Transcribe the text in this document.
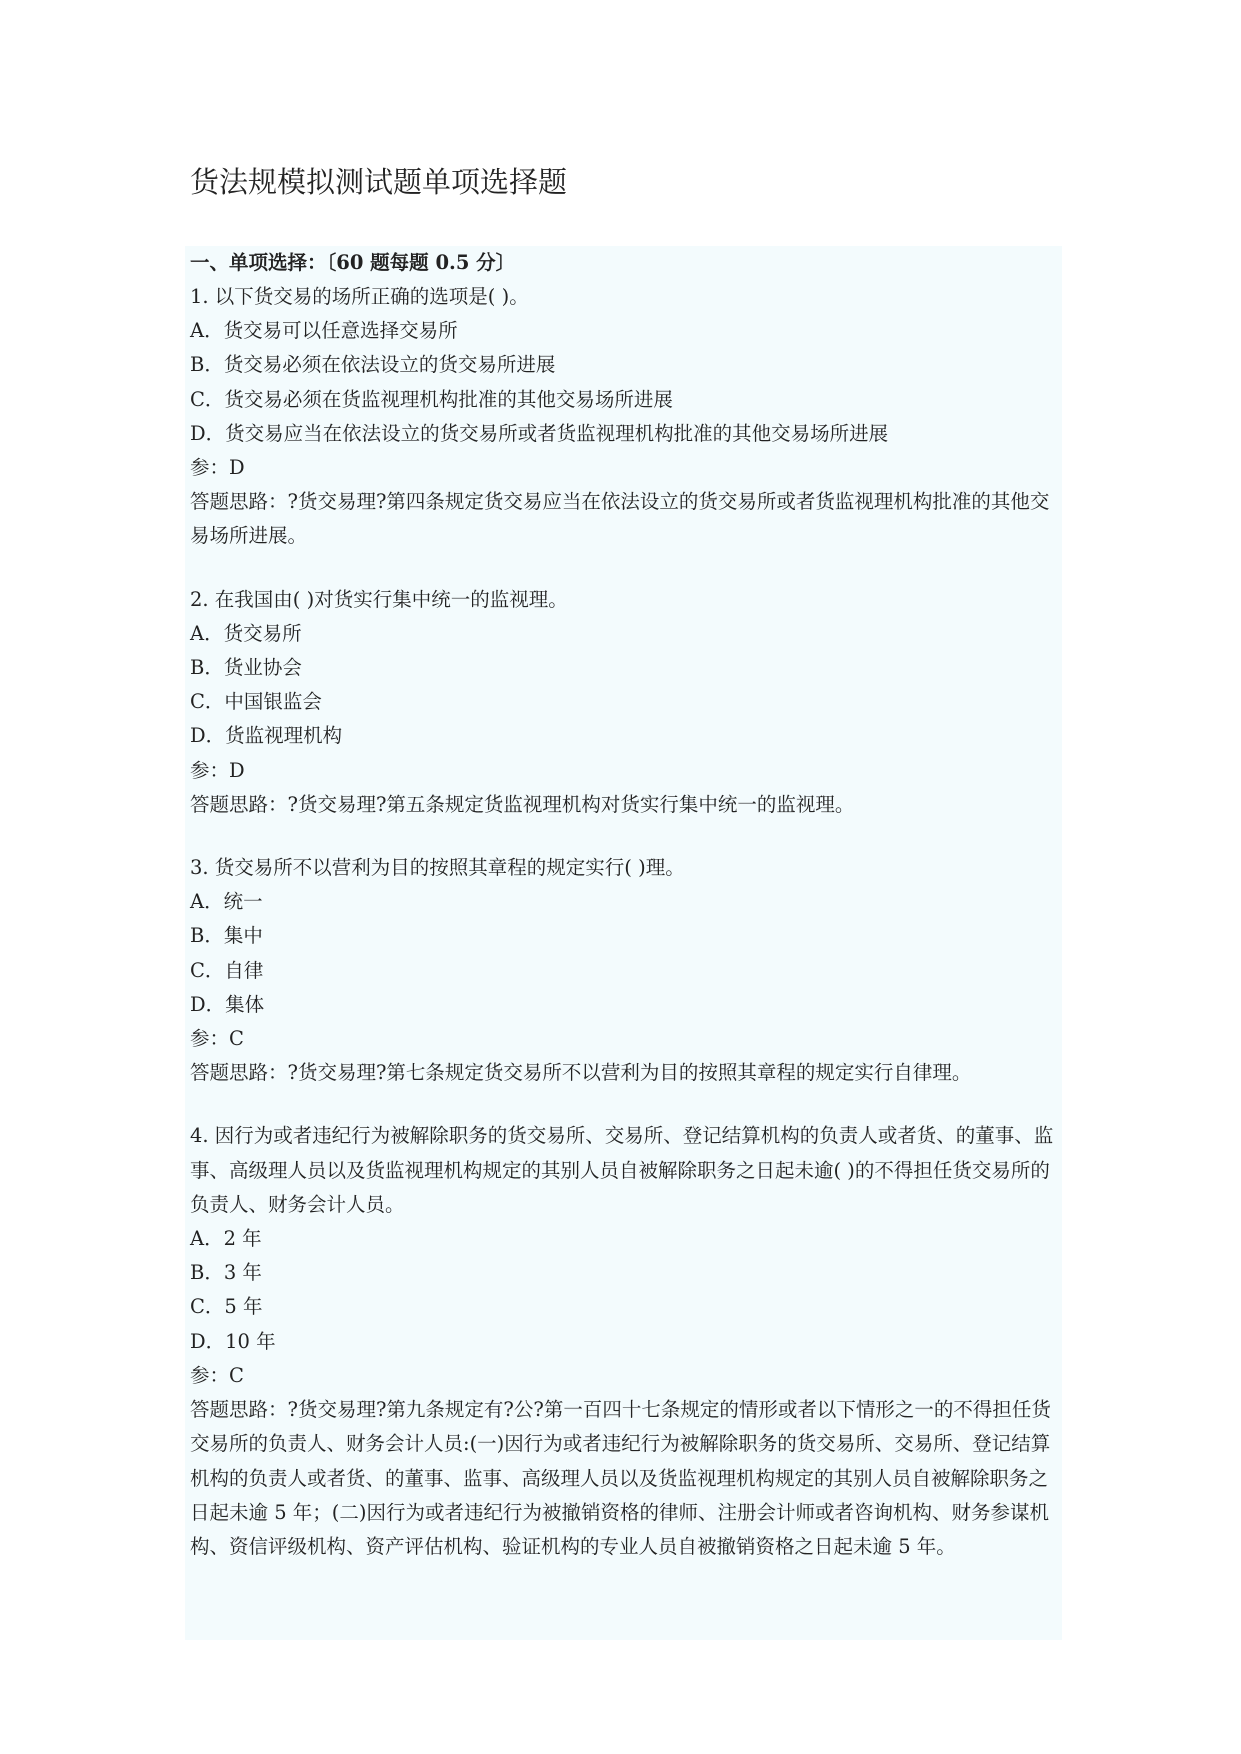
货法规模拟测试题单项选择题
一、单项选择：〔60 题每题 0.5 分〕
1. 以下货交易的场所正确的选项是( )。
A．货交易可以任意选择交易所
B．货交易必须在依法设立的货交易所进展
C．货交易必须在货监视理机构批准的其他交易场所进展
D．货交易应当在依法设立的货交易所或者货监视理机构批准的其他交易场所进展
参：D
答题思路：?货交易理?第四条规定货交易应当在依法设立的货交易所或者货监视理机构批准的其他交易场所进展。
2. 在我国由( )对货实行集中统一的监视理。
A．货交易所
B．货业协会
C．中国银监会
D．货监视理机构
参：D
答题思路：?货交易理?第五条规定货监视理机构对货实行集中统一的监视理。
3. 货交易所不以营利为目的按照其章程的规定实行( )理。
A．统一
B．集中
C．自律
D．集体
参：C
答题思路：?货交易理?第七条规定货交易所不以营利为目的按照其章程的规定实行自律理。
4. 因行为或者违纪行为被解除职务的货交易所、交易所、登记结算机构的负责人或者货、的董事、监事、高级理人员以及货监视理机构规定的其别人员自被解除职务之日起未逾( )的不得担任货交易所的负责人、财务会计人员。
A．2 年
B．3 年
C．5 年
D．10 年
参：C
答题思路：?货交易理?第九条规定有?公?第一百四十七条规定的情形或者以下情形之一的不得担任货交易所的负责人、财务会计人员:(一)因行为或者违纪行为被解除职务的货交易所、交易所、登记结算机构的负责人或者货、的董事、监事、高级理人员以及货监视理机构规定的其别人员自被解除职务之日起未逾 5 年；(二)因行为或者违纪行为被撤销资格的律师、注册会计师或者咨询机构、财务参谋机构、资信评级机构、资产评估机构、验证机构的专业人员自被撤销资格之日起未逾 5 年。
